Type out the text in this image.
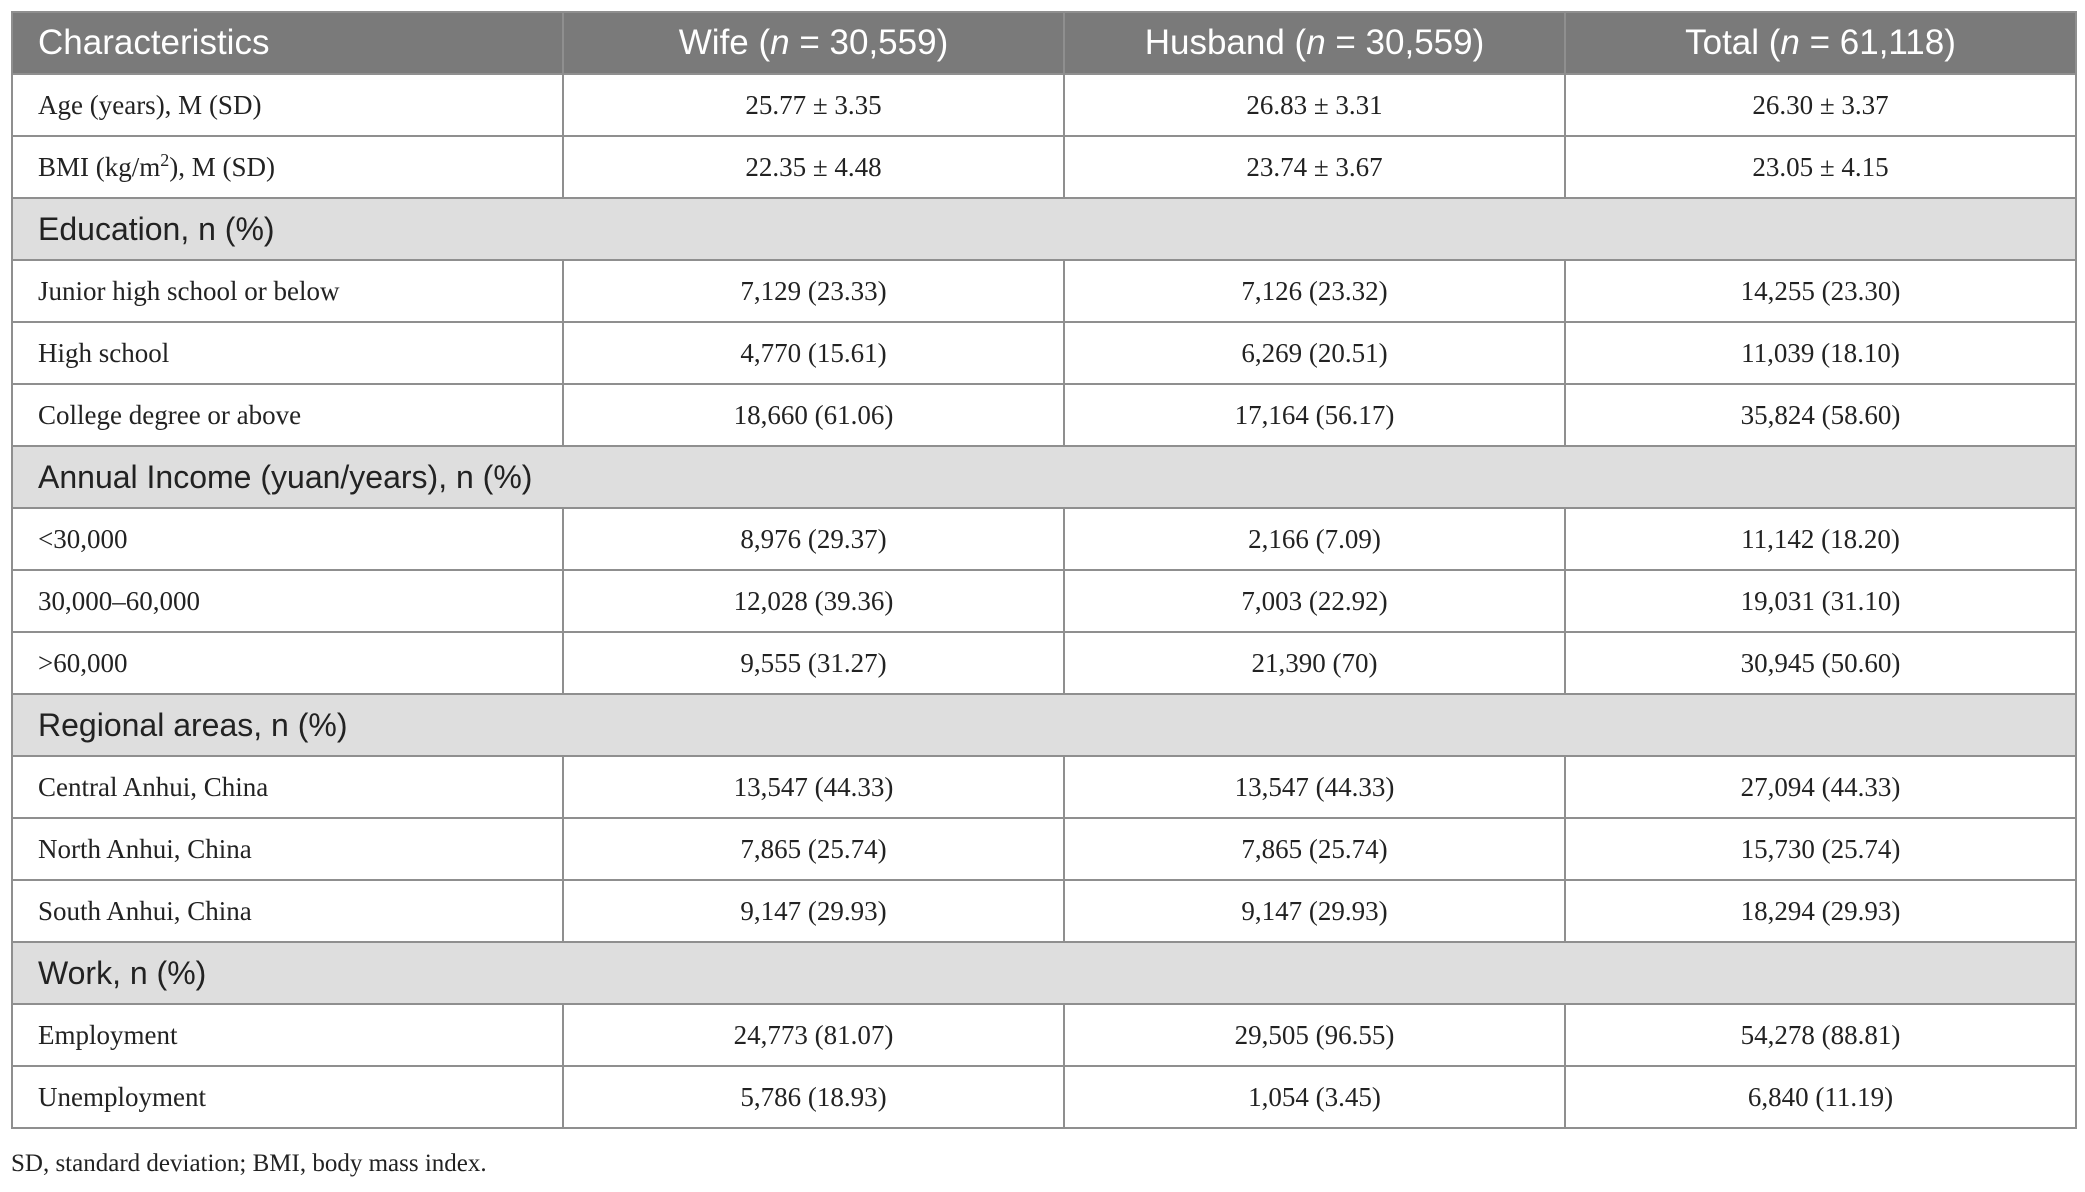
Characteristics	Wife (n = 30,559)	Husband (n = 30,559)	Total (n = 61,118)
Age (years), M (SD)	25.77 ± 3.35	26.83 ± 3.31	26.30 ± 3.37
BMI $(kg/m^2)$, M (SD)	22.35 ± 4.48	23.74 ± 3.67	23.05 ± 4.15
Education, n (%)			
Junior high school or below	7,129 (23.33)	7,126 (23.32)	14,255 (23.30)
High school	4,770 (15.61)	6,269 (20.51)	11,039 (18.10)
College degree or above	18,660 (61.06)	17,164 (56.17)	35,824 (58.60)
Annual Income (yuan/years), n (%)			
<30,000	8,976 (29.37)	2,166 (7.09)	11,142 (18.20)
30,000–60,000	12,028 (39.36)	7,003 (22.92)	19,031 (31.10)
>60,000	9,555 (31.27)	21,390 (70)	30,945 (50.60)
Regional areas, n (%)			
Central Anhui, China	13,547 (44.33)	13,547 (44.33)	27,094 (44.33)
North Anhui, China	7,865 (25.74)	7,865 (25.74)	15,730 (25.74)
South Anhui, China	9,147 (29.93)	9,147 (29.93)	18,294 (29.93)
Work, n (%)			
Employment	24,773 (81.07)	29,505 (96.55)	54,278 (88.81)
Unemployment	5,786 (18.93)	1,054 (3.45)	6,840 (11.19)
SD, standard deviation; BMI, body mass index.
